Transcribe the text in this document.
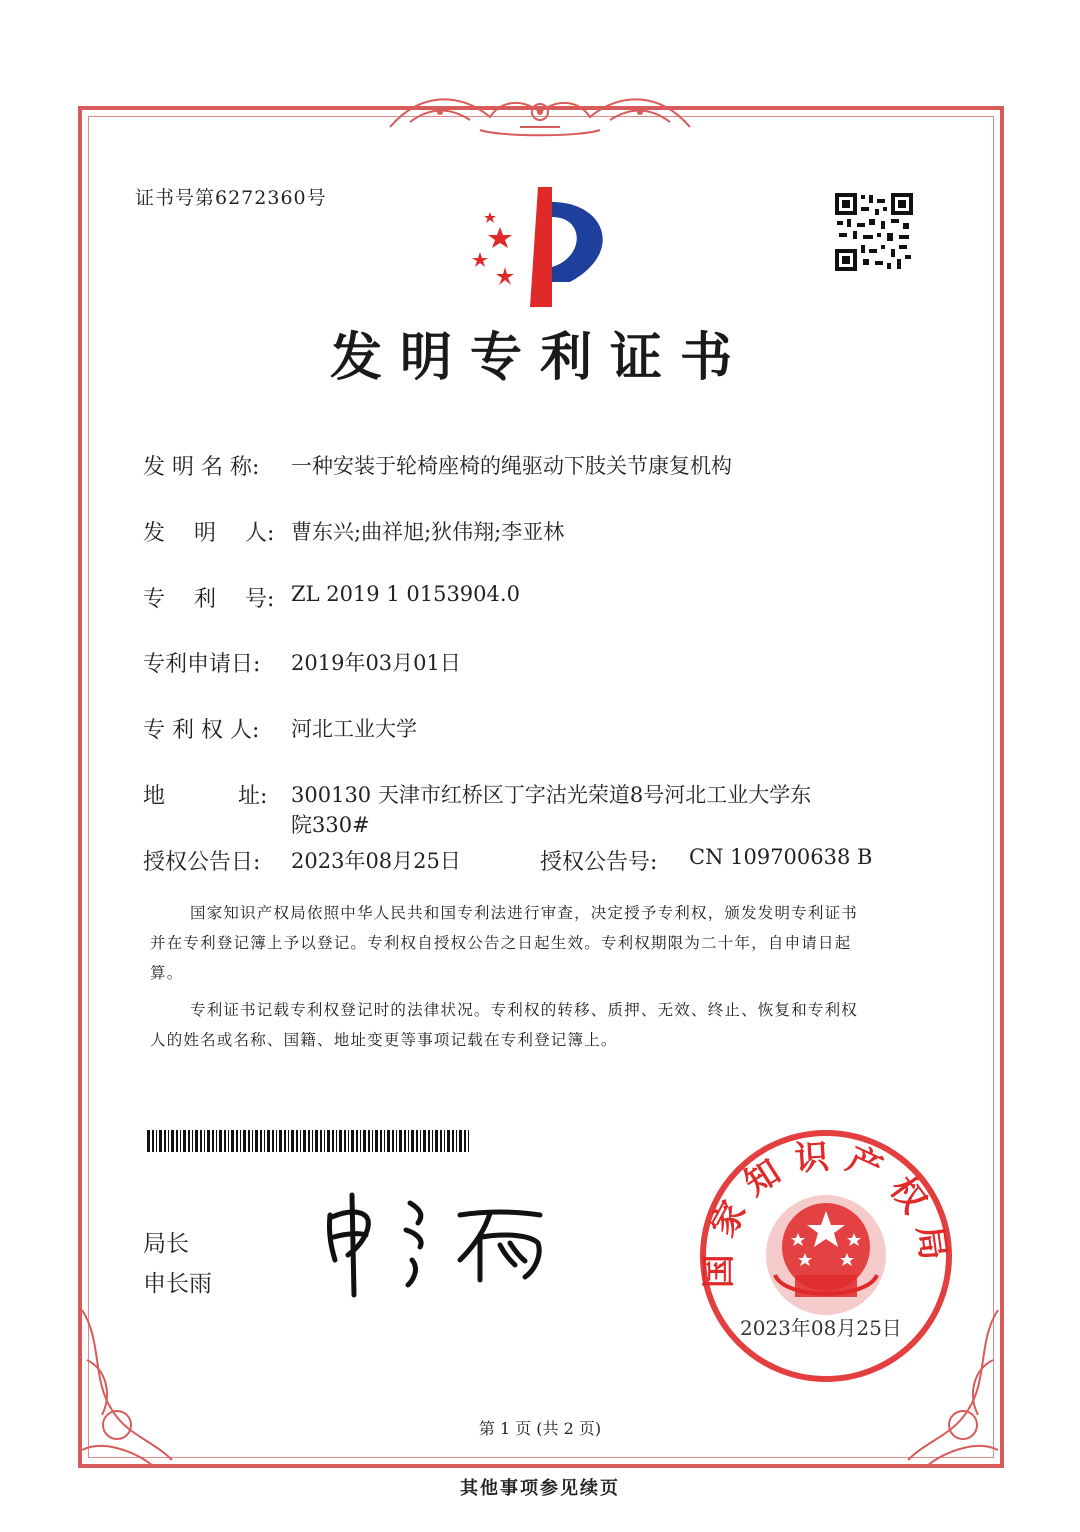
证书号第6272360号
发明专利证书
发 明 名 称: 一种安装于轮椅座椅的绳驱动下肢关节康复机构
发　 明　 人: 曹东兴;曲祥旭;狄伟翔;李亚林
专　 利　 号: ZL 2019 1 0153904.0
专利申请日: 2019年03月01日
专 利 权 人: 河北工业大学
地　　　 址: 300130 天津市红桥区丁字沽光荣道8号河北工业大学东
院330#
授权公告日: 2023年08月25日	授权公告号: CN 109700638 B
国家知识产权局依照中华人民共和国专利法进行审查，决定授予专利权，颁发发明专利证书
并在专利登记簿上予以登记。专利权自授权公告之日起生效。专利权期限为二十年，自申请日起
算。
专利证书记载专利权登记时的法律状况。专利权的转移、质押、无效、终止、恢复和专利权
人的姓名或名称、国籍、地址变更等事项记载在专利登记簿上。
局长
申长雨	国家知识产权局
2023年08月25日
第 1 页 (共 2 页)
其他事项参见续页
